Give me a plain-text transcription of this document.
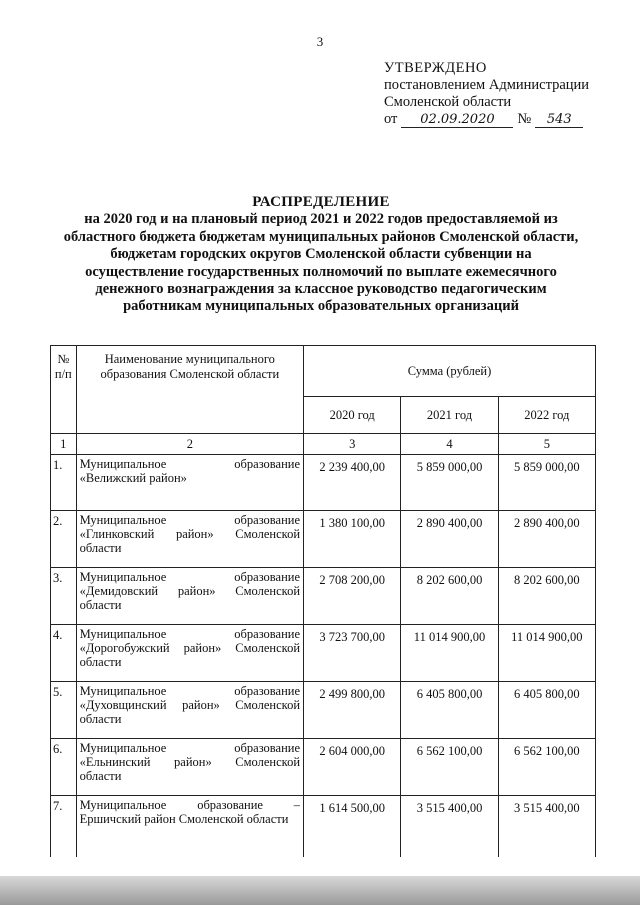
3
УТВЕРЖДЕНО
постановлением Администрации
Смоленской области
от 02.09.2020 № 543
РАСПРЕДЕЛЕНИЕ
на 2020 год и на плановый период 2021 и 2022 годов предоставляемой из
областного бюджета бюджетам муниципальных районов Смоленской области,
бюджетам городских округов Смоленской области субвенции на
осуществление государственных полномочий по выплате ежемесячного
денежного вознаграждения за классное руководство педагогическим
работникам муниципальных образовательных организаций
№ п/п	Наименование муниципального образования Смоленской области	Сумма (рублей)		
		2020 год	2021 год	2022 год
1	2	3	4	5
1.	Муниципальное образование «Велижский район»	2 239 400,00	5 859 000,00	5 859 000,00
2.	Муниципальное образование «Глинковский район» Смоленской области	1 380 100,00	2 890 400,00	2 890 400,00
3.	Муниципальное образование «Демидовский район» Смоленской области	2 708 200,00	8 202 600,00	8 202 600,00
4.	Муниципальное образование «Дорогобужский район» Смоленской области	3 723 700,00	11 014 900,00	11 014 900,00
5.	Муниципальное образование «Духовщинский район» Смоленской области	2 499 800,00	6 405 800,00	6 405 800,00
6.	Муниципальное образование «Ельнинский район» Смоленской области	2 604 000,00	6 562 100,00	6 562 100,00
7.	Муниципальное образование – Ершичский район Смоленской области	1 614 500,00	3 515 400,00	3 515 400,00
